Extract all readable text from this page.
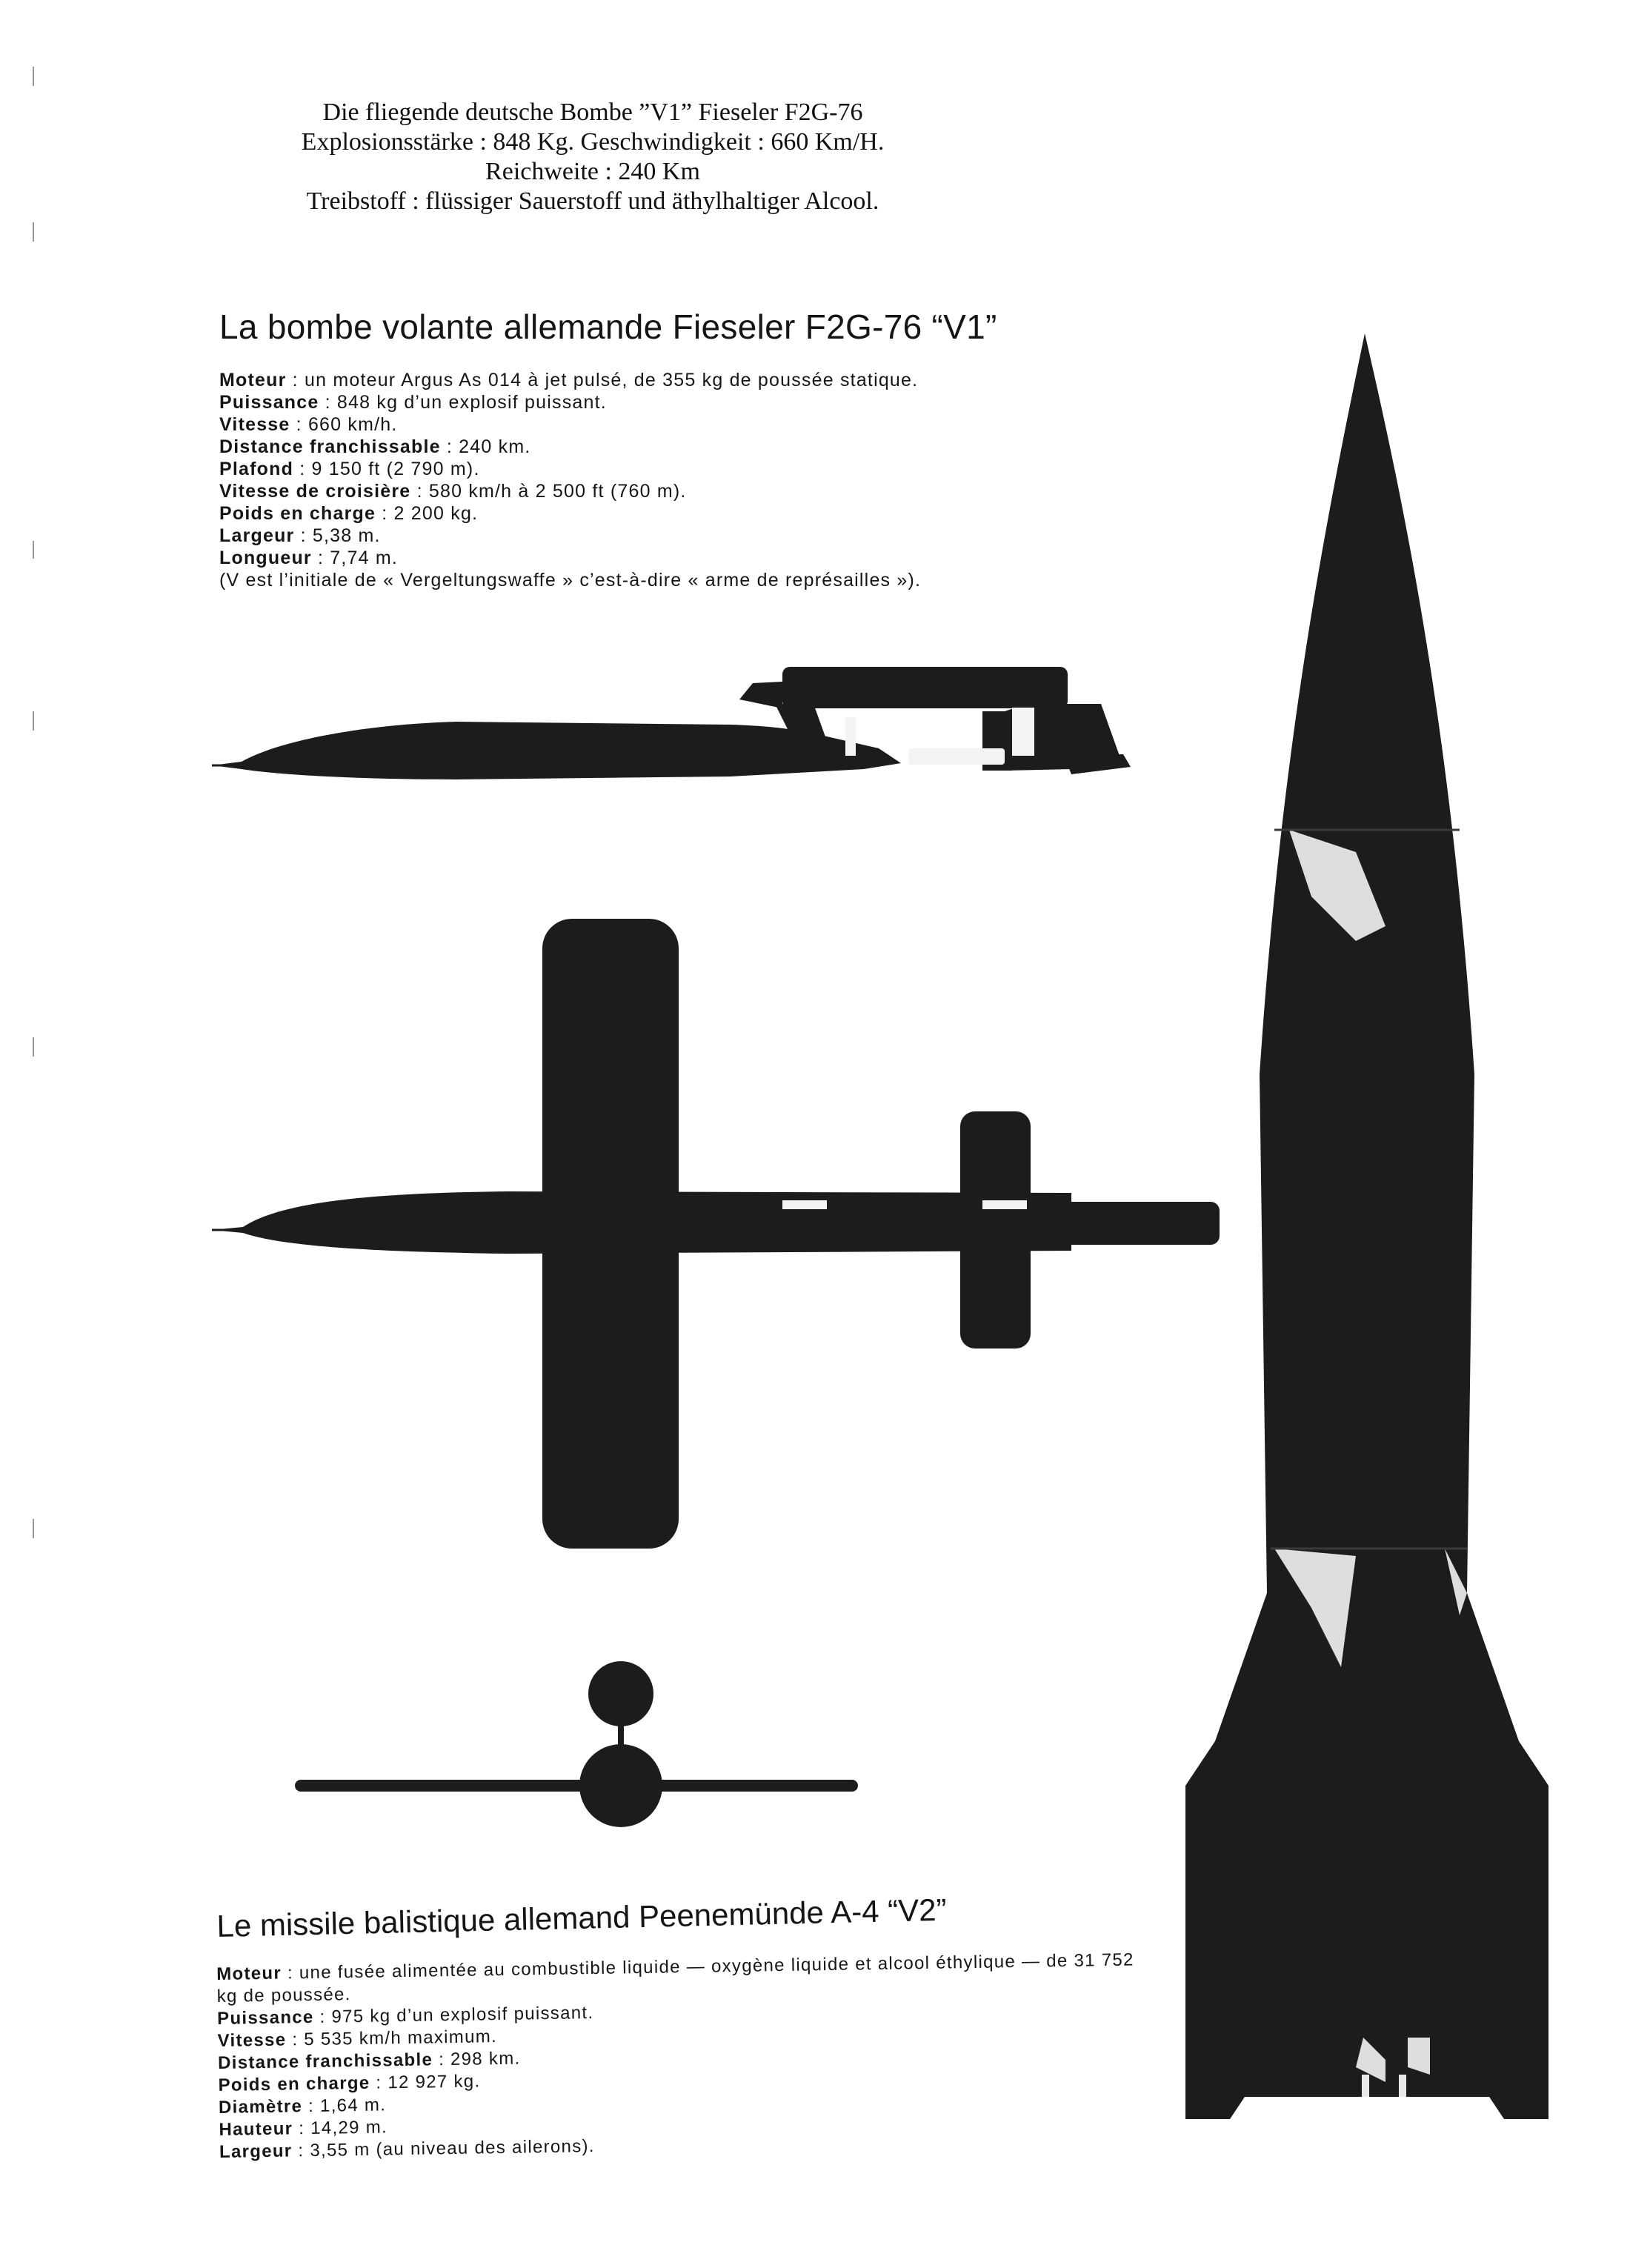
Die fliegende deutsche Bombe ”V1” Fieseler F2G-76
Explosionsstärke : 848 Kg. Geschwindigkeit : 660 Km/H.
Reichweite : 240 Km
Treibstoff : flüssiger Sauerstoff und äthylhaltiger Alcool.
La bombe volante allemande Fieseler F2G-76 “V1”
Moteur : un moteur Argus As 014 à jet pulsé, de 355 kg de poussée statique.
Puissance : 848 kg d’un explosif puissant.
Vitesse : 660 km/h.
Distance franchissable : 240 km.
Plafond : 9 150 ft (2 790 m).
Vitesse de croisière : 580 km/h à 2 500 ft (760 m).
Poids en charge : 2 200 kg.
Largeur : 5,38 m.
Longueur : 7,74 m.
(V est l’initiale de « Vergeltungswaffe » c’est-à-dire « arme de représailles »).
Le missile balistique allemand Peenemünde A-4 “V2”
Moteur : une fusée alimentée au combustible liquide — oxygène liquide et alcool éthylique — de 31 752 kg de poussée.
Puissance : 975 kg d’un explosif puissant.
Vitesse : 5 535 km/h maximum.
Distance franchissable : 298 km.
Poids en charge : 12 927 kg.
Diamètre : 1,64 m.
Hauteur : 14,29 m.
Largeur : 3,55 m (au niveau des ailerons).
